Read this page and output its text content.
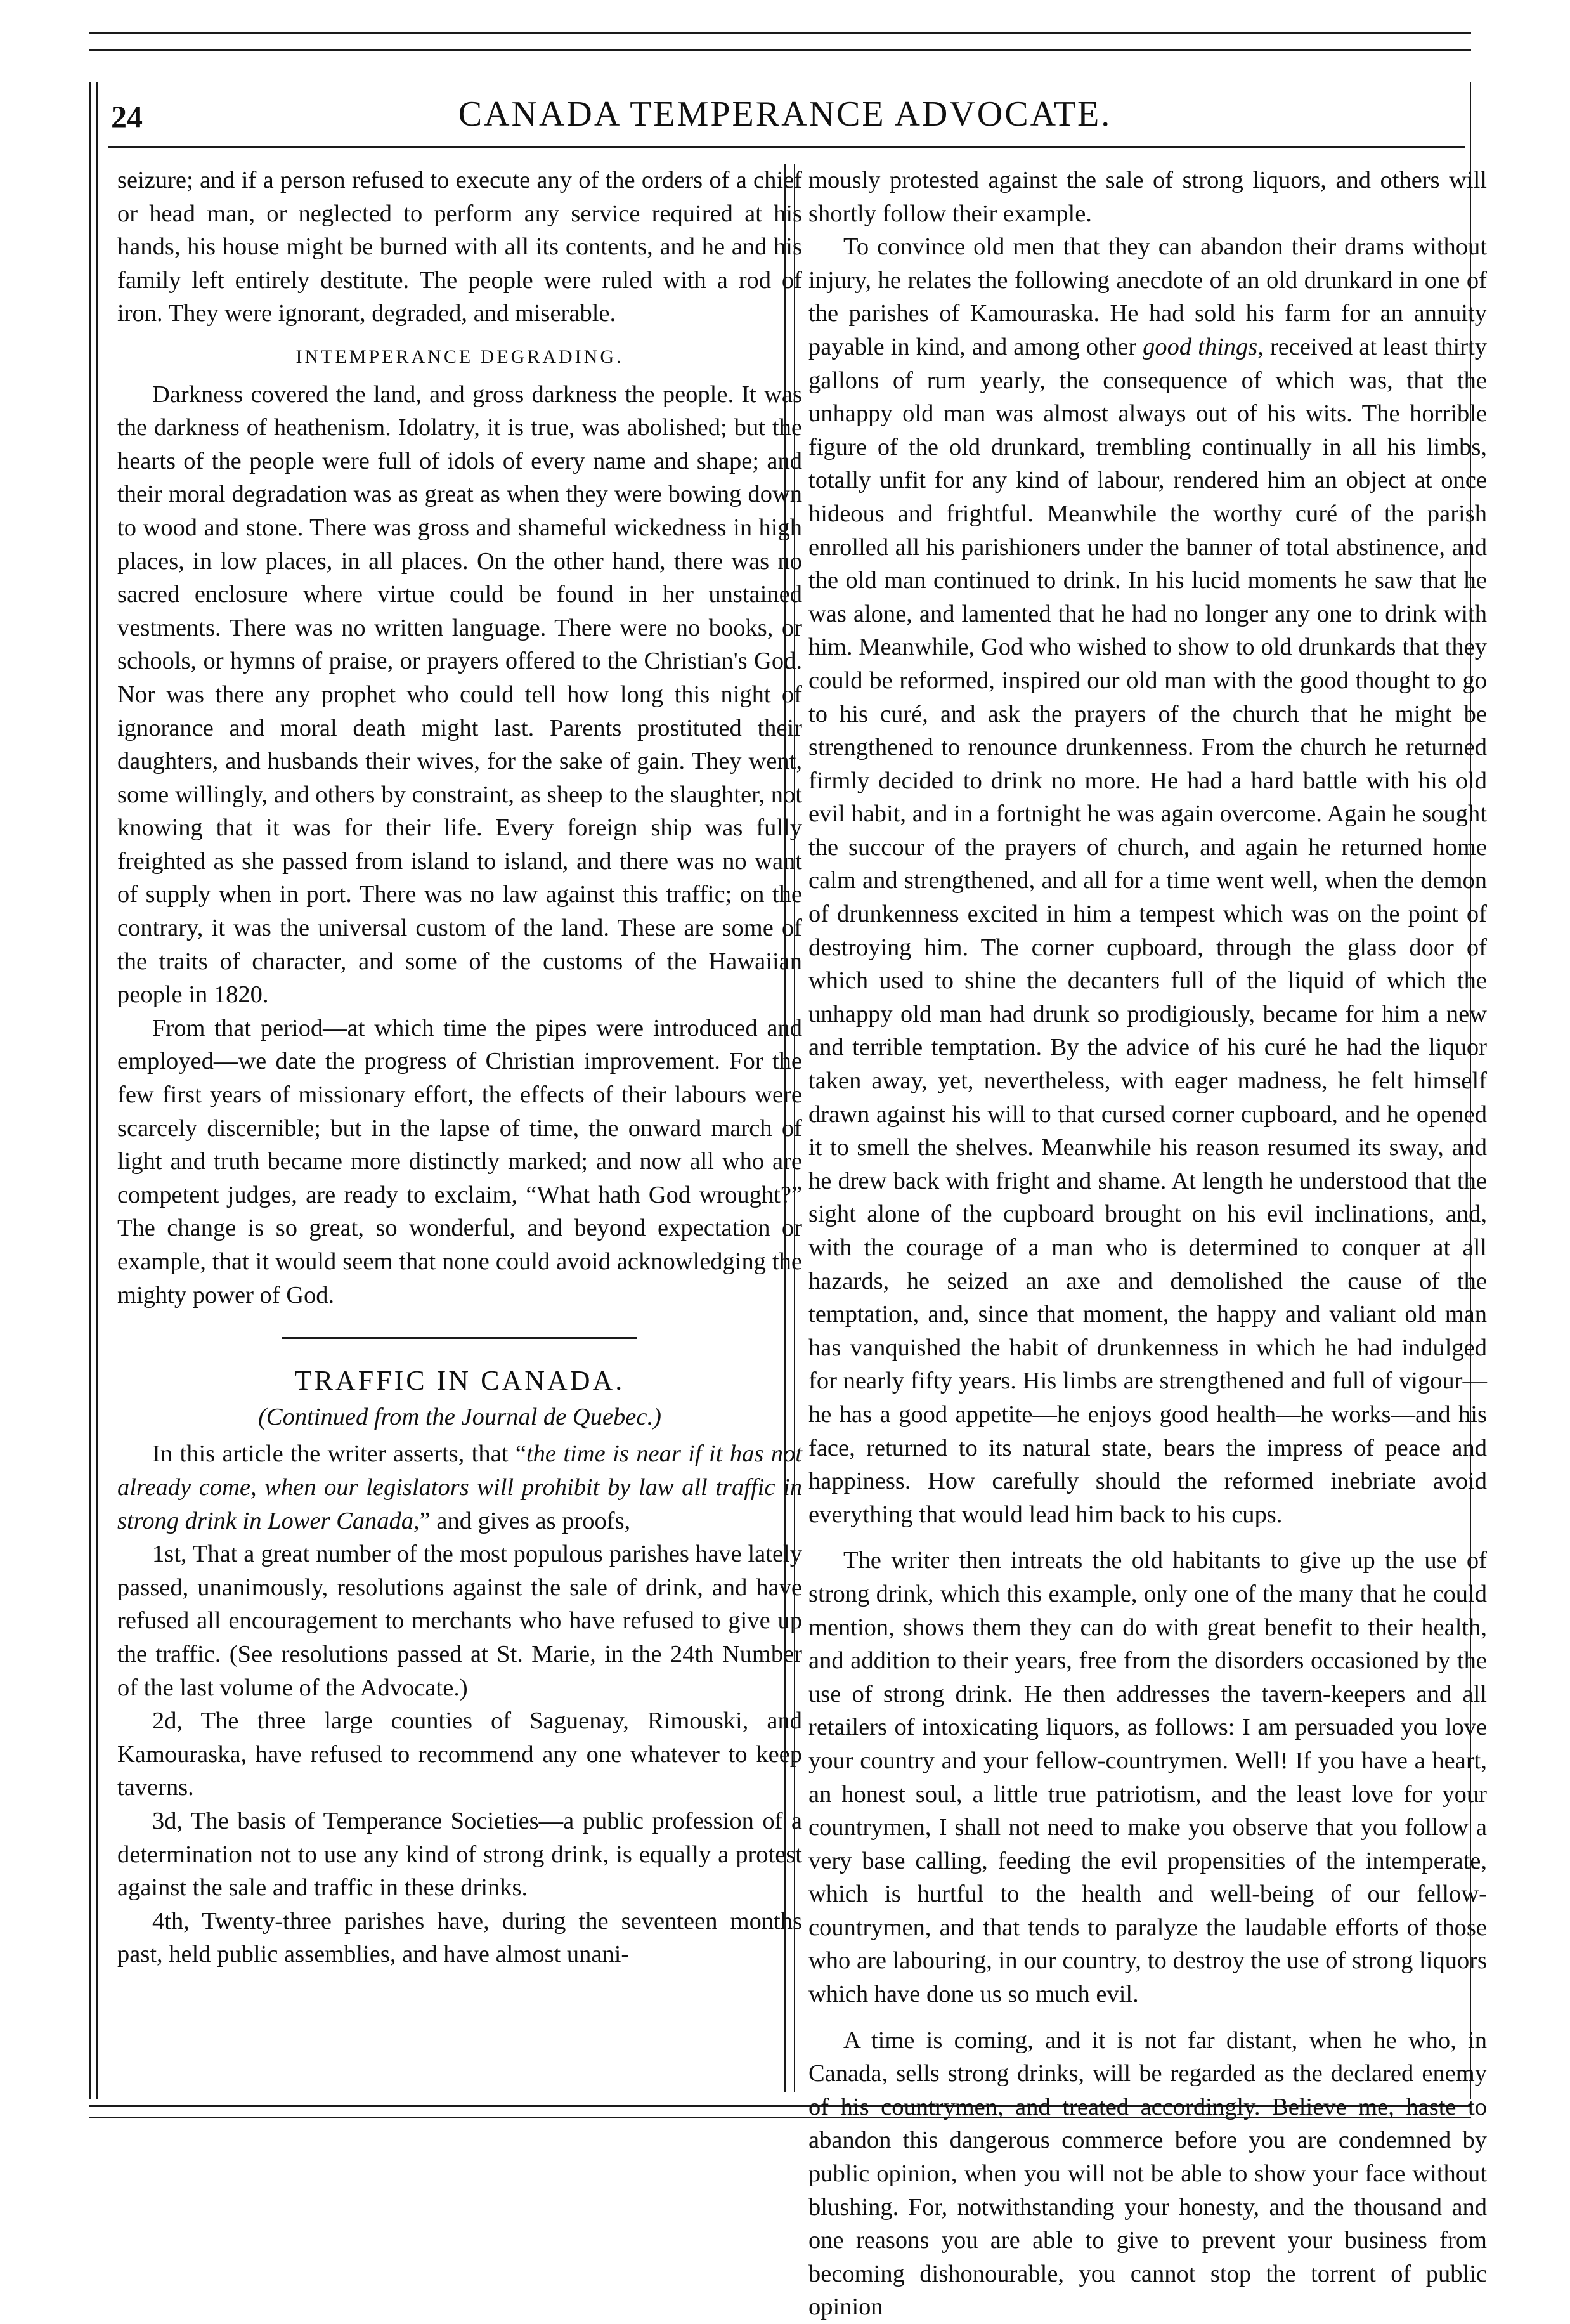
24	CANADA TEMPERANCE ADVOCATE.

seizure; and if a person refused to execute any of the orders of a chief or head man, or neglected to perform any service required at his hands, his house might be burned with all its contents, and he and his family left entirely destitute. The people were ruled with a rod of iron. They were ignorant, degraded, and miserable.

INTEMPERANCE DEGRADING.

Darkness covered the land, and gross darkness the people. It was the darkness of heathenism. Idolatry, it is true, was abolished; but the hearts of the people were full of idols of every name and shape; and their moral degradation was as great as when they were bowing down to wood and stone. There was gross and shameful wickedness in high places, in low places, in all places. On the other hand, there was no sacred enclosure where virtue could be found in her unstained vestments. There was no written language. There were no books, or schools, or hymns of praise, or prayers offered to the Christian's God. Nor was there any prophet who could tell how long this night of ignorance and moral death might last. Parents prostituted their daughters, and husbands their wives, for the sake of gain. They went, some willingly, and others by constraint, as sheep to the slaughter, not knowing that it was for their life. Every foreign ship was fully freighted as she passed from island to island, and there was no want of supply when in port. There was no law against this traffic; on the contrary, it was the universal custom of the land. These are some of the traits of character, and some of the customs of the Hawaiian people in 1820.

From that period—at which time the pipes were introduced and employed—we date the progress of Christian improvement. For the few first years of missionary effort, the effects of their labours were scarcely discernible; but in the lapse of time, the onward march of light and truth became more distinctly marked; and now all who are competent judges, are ready to exclaim, “What hath God wrought?” The change is so great, so wonderful, and beyond expectation or example, that it would seem that none could avoid acknowledging the mighty power of God.

TRAFFIC IN CANADA.
(Continued from the Journal de Quebec.)

In this article the writer asserts, that “the time is near if it has not already come, when our legislators will prohibit by law all traffic in strong drink in Lower Canada,” and gives as proofs,

1st, That a great number of the most populous parishes have lately passed, unanimously, resolutions against the sale of drink, and have refused all encouragement to merchants who have refused to give up the traffic. (See resolutions passed at St. Marie, in the 24th Number of the last volume of the Advocate.)

2d, The three large counties of Saguenay, Rimouski, and Kamouraska, have refused to recommend any one whatever to keep taverns.

3d, The basis of Temperance Societies—a public profession of a determination not to use any kind of strong drink, is equally a protest against the sale and traffic in these drinks.

4th, Twenty-three parishes have, during the seventeen months past, held public assemblies, and have almost unani-

mously protested against the sale of strong liquors, and others will shortly follow their example.

To convince old men that they can abandon their drams without injury, he relates the following anecdote of an old drunkard in one of the parishes of Kamouraska. He had sold his farm for an annuity payable in kind, and among other good things, received at least thirty gallons of rum yearly, the consequence of which was, that the unhappy old man was almost always out of his wits. The horrible figure of the old drunkard, trembling continually in all his limbs, totally unfit for any kind of labour, rendered him an object at once hideous and frightful. Meanwhile the worthy curé of the parish enrolled all his parishioners under the banner of total abstinence, and the old man continued to drink. In his lucid moments he saw that he was alone, and lamented that he had no longer any one to drink with him. Meanwhile, God who wished to show to old drunkards that they could be reformed, inspired our old man with the good thought to go to his curé, and ask the prayers of the church that he might be strengthened to renounce drunkenness. From the church he returned firmly decided to drink no more. He had a hard battle with his old evil habit, and in a fortnight he was again overcome. Again he sought the succour of the prayers of church, and again he returned home calm and strengthened, and all for a time went well, when the demon of drunkenness excited in him a tempest which was on the point of destroying him. The corner cupboard, through the glass door of which used to shine the decanters full of the liquid of which the unhappy old man had drunk so prodigiously, became for him a new and terrible temptation. By the advice of his curé he had the liquor taken away, yet, nevertheless, with eager madness, he felt himself drawn against his will to that cursed corner cupboard, and he opened it to smell the shelves. Meanwhile his reason resumed its sway, and he drew back with fright and shame. At length he understood that the sight alone of the cupboard brought on his evil inclinations, and, with the courage of a man who is determined to conquer at all hazards, he seized an axe and demolished the cause of the temptation, and, since that moment, the happy and valiant old man has vanquished the habit of drunkenness in which he had indulged for nearly fifty years. His limbs are strengthened and full of vigour—he has a good appetite—he enjoys good health—he works—and his face, returned to its natural state, bears the impress of peace and happiness. How carefully should the reformed inebriate avoid everything that would lead him back to his cups.

The writer then intreats the old habitants to give up the use of strong drink, which this example, only one of the many that he could mention, shows them they can do with great benefit to their health, and addition to their years, free from the disorders occasioned by the use of strong drink. He then addresses the tavern-keepers and all retailers of intoxicating liquors, as follows: I am persuaded you love your country and your fellow-countrymen. Well! If you have a heart, an honest soul, a little true patriotism, and the least love for your countrymen, I shall not need to make you observe that you follow a very base calling, feeding the evil propensities of the intemperate, which is hurtful to the health and well-being of our fellow-countrymen, and that tends to paralyze the laudable efforts of those who are labouring, in our country, to destroy the use of strong liquors which have done us so much evil.

A time is coming, and it is not far distant, when he who, in Canada, sells strong drinks, will be regarded as the declared enemy of his countrymen, and treated accordingly. Believe me, haste to abandon this dangerous commerce before you are condemned by public opinion, when you will not be able to show your face without blushing. For, notwithstanding your honesty, and the thousand and one reasons you are able to give to prevent your business from becoming dishonourable, you cannot stop the torrent of public opinion
